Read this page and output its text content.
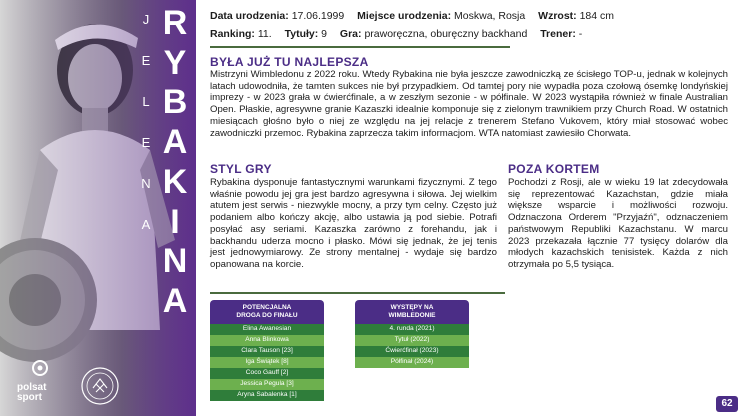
J
E
L
E
N
A
R
Y
B
A
K
I
N
A
polsat
sport
Data urodzenia: 17.06.1999 Miejsce urodzenia: Moskwa, Rosja Wzrost: 184 cm
Ranking: 11. Tytuły: 9 Gra: praworęczna, oburęczny backhand Trener: -
BYŁA JUŻ TU NAJLEPSZA
Mistrzyni Wimbledonu z 2022 roku. Wtedy Rybakina nie była jeszcze zawodniczką ze ścisłego TOP-u, jednak w kolejnych latach udowodniła, że tamten sukces nie był przypadkiem. Od tamtej pory nie wypadła poza czołową ósemkę londyńskiej imprezy - w 2023 grała w ćwierćfinale, a w zeszłym sezonie - w półfinale. W 2023 wystąpiła również w finale Australian Open. Płaskie, agresywne granie Kazaszki idealnie komponuje się z zielonym trawnikiem przy Church Road. W ostatnich miesiącach głośno było o niej ze względu na jej relacje z trenerem Stefano Vukovem, który miał stosować wobec zawodniczki przemoc. Rybakina zaprzecza takim informacjom. WTA natomiast zawiesiło Chorwata.
STYL GRY
Rybakina dysponuje fantastycznymi warunkami fizycznymi. Z tego właśnie powodu jej gra jest bardzo agresywna i siłowa. Jej wielkim atutem jest serwis - niezwykle mocny, a przy tym celny. Często już podaniem albo kończy akcję, albo ustawia ją pod siebie. Potrafi posyłać asy seriami. Kazaszka zarówno z forehandu, jak i backhandu uderza mocno i płasko. Mówi się jednak, że jej tenis jest jednowymiarowy. Ze strony mentalnej - wydaje się bardzo opanowana na korcie.
POZA KORTEM
Pochodzi z Rosji, ale w wieku 19 lat zdecydowała się reprezentować Kazachstan, gdzie miała większe wsparcie i możliwości rozwoju. Odznaczona Orderem "Przyjaźń", odznaczeniem państwowym Republiki Kazachstanu. W marcu 2023 przekazała łącznie 77 tysięcy dolarów dla młodych kazachskich tenisistek. Każda z nich otrzymała po 5,5 tysiąca.
POTENCJALNA
DROGA DO FINAŁU
Elina Awanesian
Anna Blinkowa
Clara Tauson [23]
Iga Świątek [8]
Coco Gauff [2]
Jessica Pegula [3]
Aryna Sabalenka [1]
WYSTĘPY NA
WIMBLEDONIE
4. runda (2021)
Tytuł (2022)
Ćwierćfinał (2023)
Półfinał (2024)
62
